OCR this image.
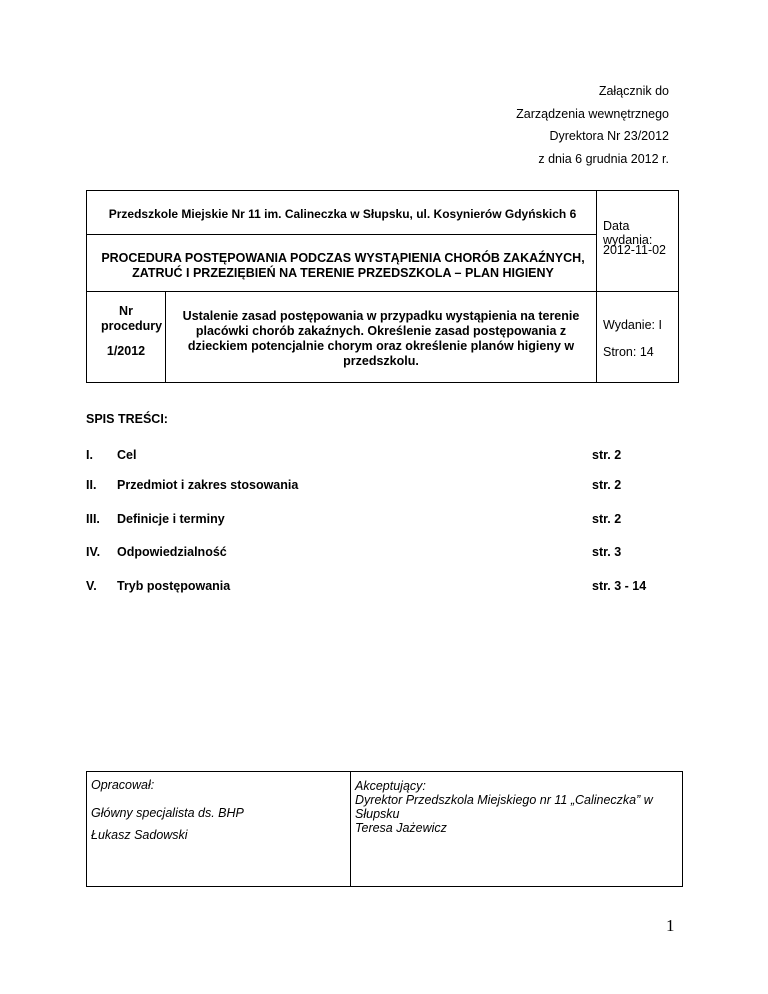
Załącznik do
Zarządzenia wewnętrznego
Dyrektora Nr 23/2012
z dnia 6 grudnia 2012 r.
Przedszkole Miejskie Nr 11 im. Calineczka w Słupsku, ul. Kosynierów Gdyńskich 6
PROCEDURA POSTĘPOWANIA PODCZAS WYSTĄPIENIA CHORÓB ZAKAŹNYCH, ZATRUĆ I PRZEZIĘBIEŃ NA TERENIE PRZEDSZKOLA – PLAN HIGIENY
Nr procedury
1/2012
Ustalenie zasad postępowania w przypadku wystąpienia na terenie placówki chorób zakaźnych. Określenie zasad postępowania z dzieckiem potencjalnie chorym oraz określenie planów higieny w przedszkolu.
Data wydania:
2012-11-02
Wydanie: I
Stron: 14
SPIS TREŚCI:
I. Cel	str. 2
II. Przedmiot i zakres stosowania	str. 2
III. Definicje i terminy	str. 2
IV. Odpowiedzialność	str. 3
V. Tryb postępowania	str. 3 - 14
Opracował:
Główny specjalista ds. BHP
Łukasz Sadowski
Akceptujący:
Dyrektor Przedszkola Miejskiego nr 11 „Calineczka” w Słupsku
Teresa Jażewicz
1
